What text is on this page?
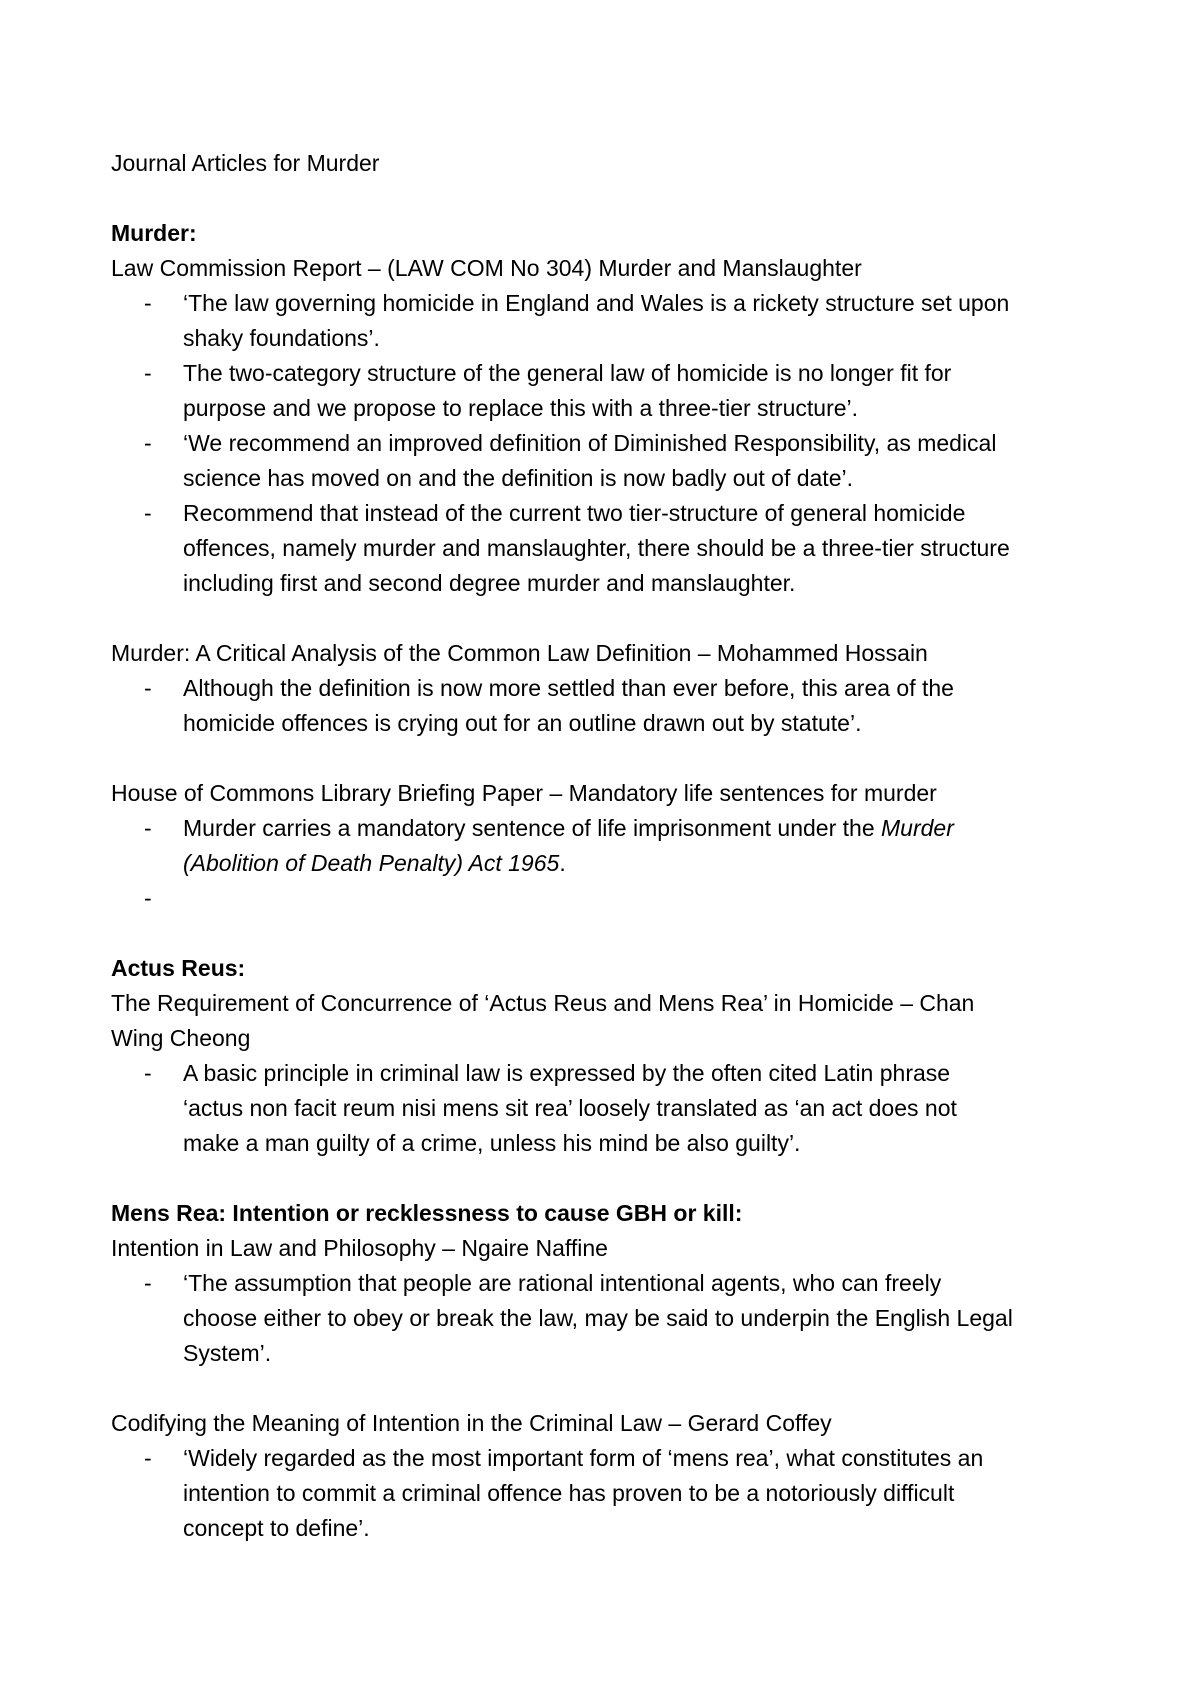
Journal Articles for Murder

Murder:

Law Commission Report – (LAW COM No 304) Murder and Manslaughter

- ‘The law governing homicide in England and Wales is a rickety structure set upon shaky foundations’.
- The two-category structure of the general law of homicide is no longer fit for purpose and we propose to replace this with a three-tier structure’.
- ‘We recommend an improved definition of Diminished Responsibility, as medical science has moved on and the definition is now badly out of date’.
- Recommend that instead of the current two tier-structure of general homicide offences, namely murder and manslaughter, there should be a three-tier structure including first and second degree murder and manslaughter.

Murder: A Critical Analysis of the Common Law Definition – Mohammed Hossain

- Although the definition is now more settled than ever before, this area of the homicide offences is crying out for an outline drawn out by statute’.

House of Commons Library Briefing Paper – Mandatory life sentences for murder

- Murder carries a mandatory sentence of life imprisonment under the Murder (Abolition of Death Penalty) Act 1965.
-

Actus Reus:

The Requirement of Concurrence of ‘Actus Reus and Mens Rea’ in Homicide – Chan Wing Cheong

- A basic principle in criminal law is expressed by the often cited Latin phrase ‘actus non facit reum nisi mens sit rea’ loosely translated as ‘an act does not make a man guilty of a crime, unless his mind be also guilty’.

Mens Rea: Intention or recklessness to cause GBH or kill:

Intention in Law and Philosophy – Ngaire Naffine

- ‘The assumption that people are rational intentional agents, who can freely choose either to obey or break the law, may be said to underpin the English Legal System’.

Codifying the Meaning of Intention in the Criminal Law – Gerard Coffey

- ‘Widely regarded as the most important form of ‘mens rea’, what constitutes an intention to commit a criminal offence has proven to be a notoriously difficult concept to define’.
